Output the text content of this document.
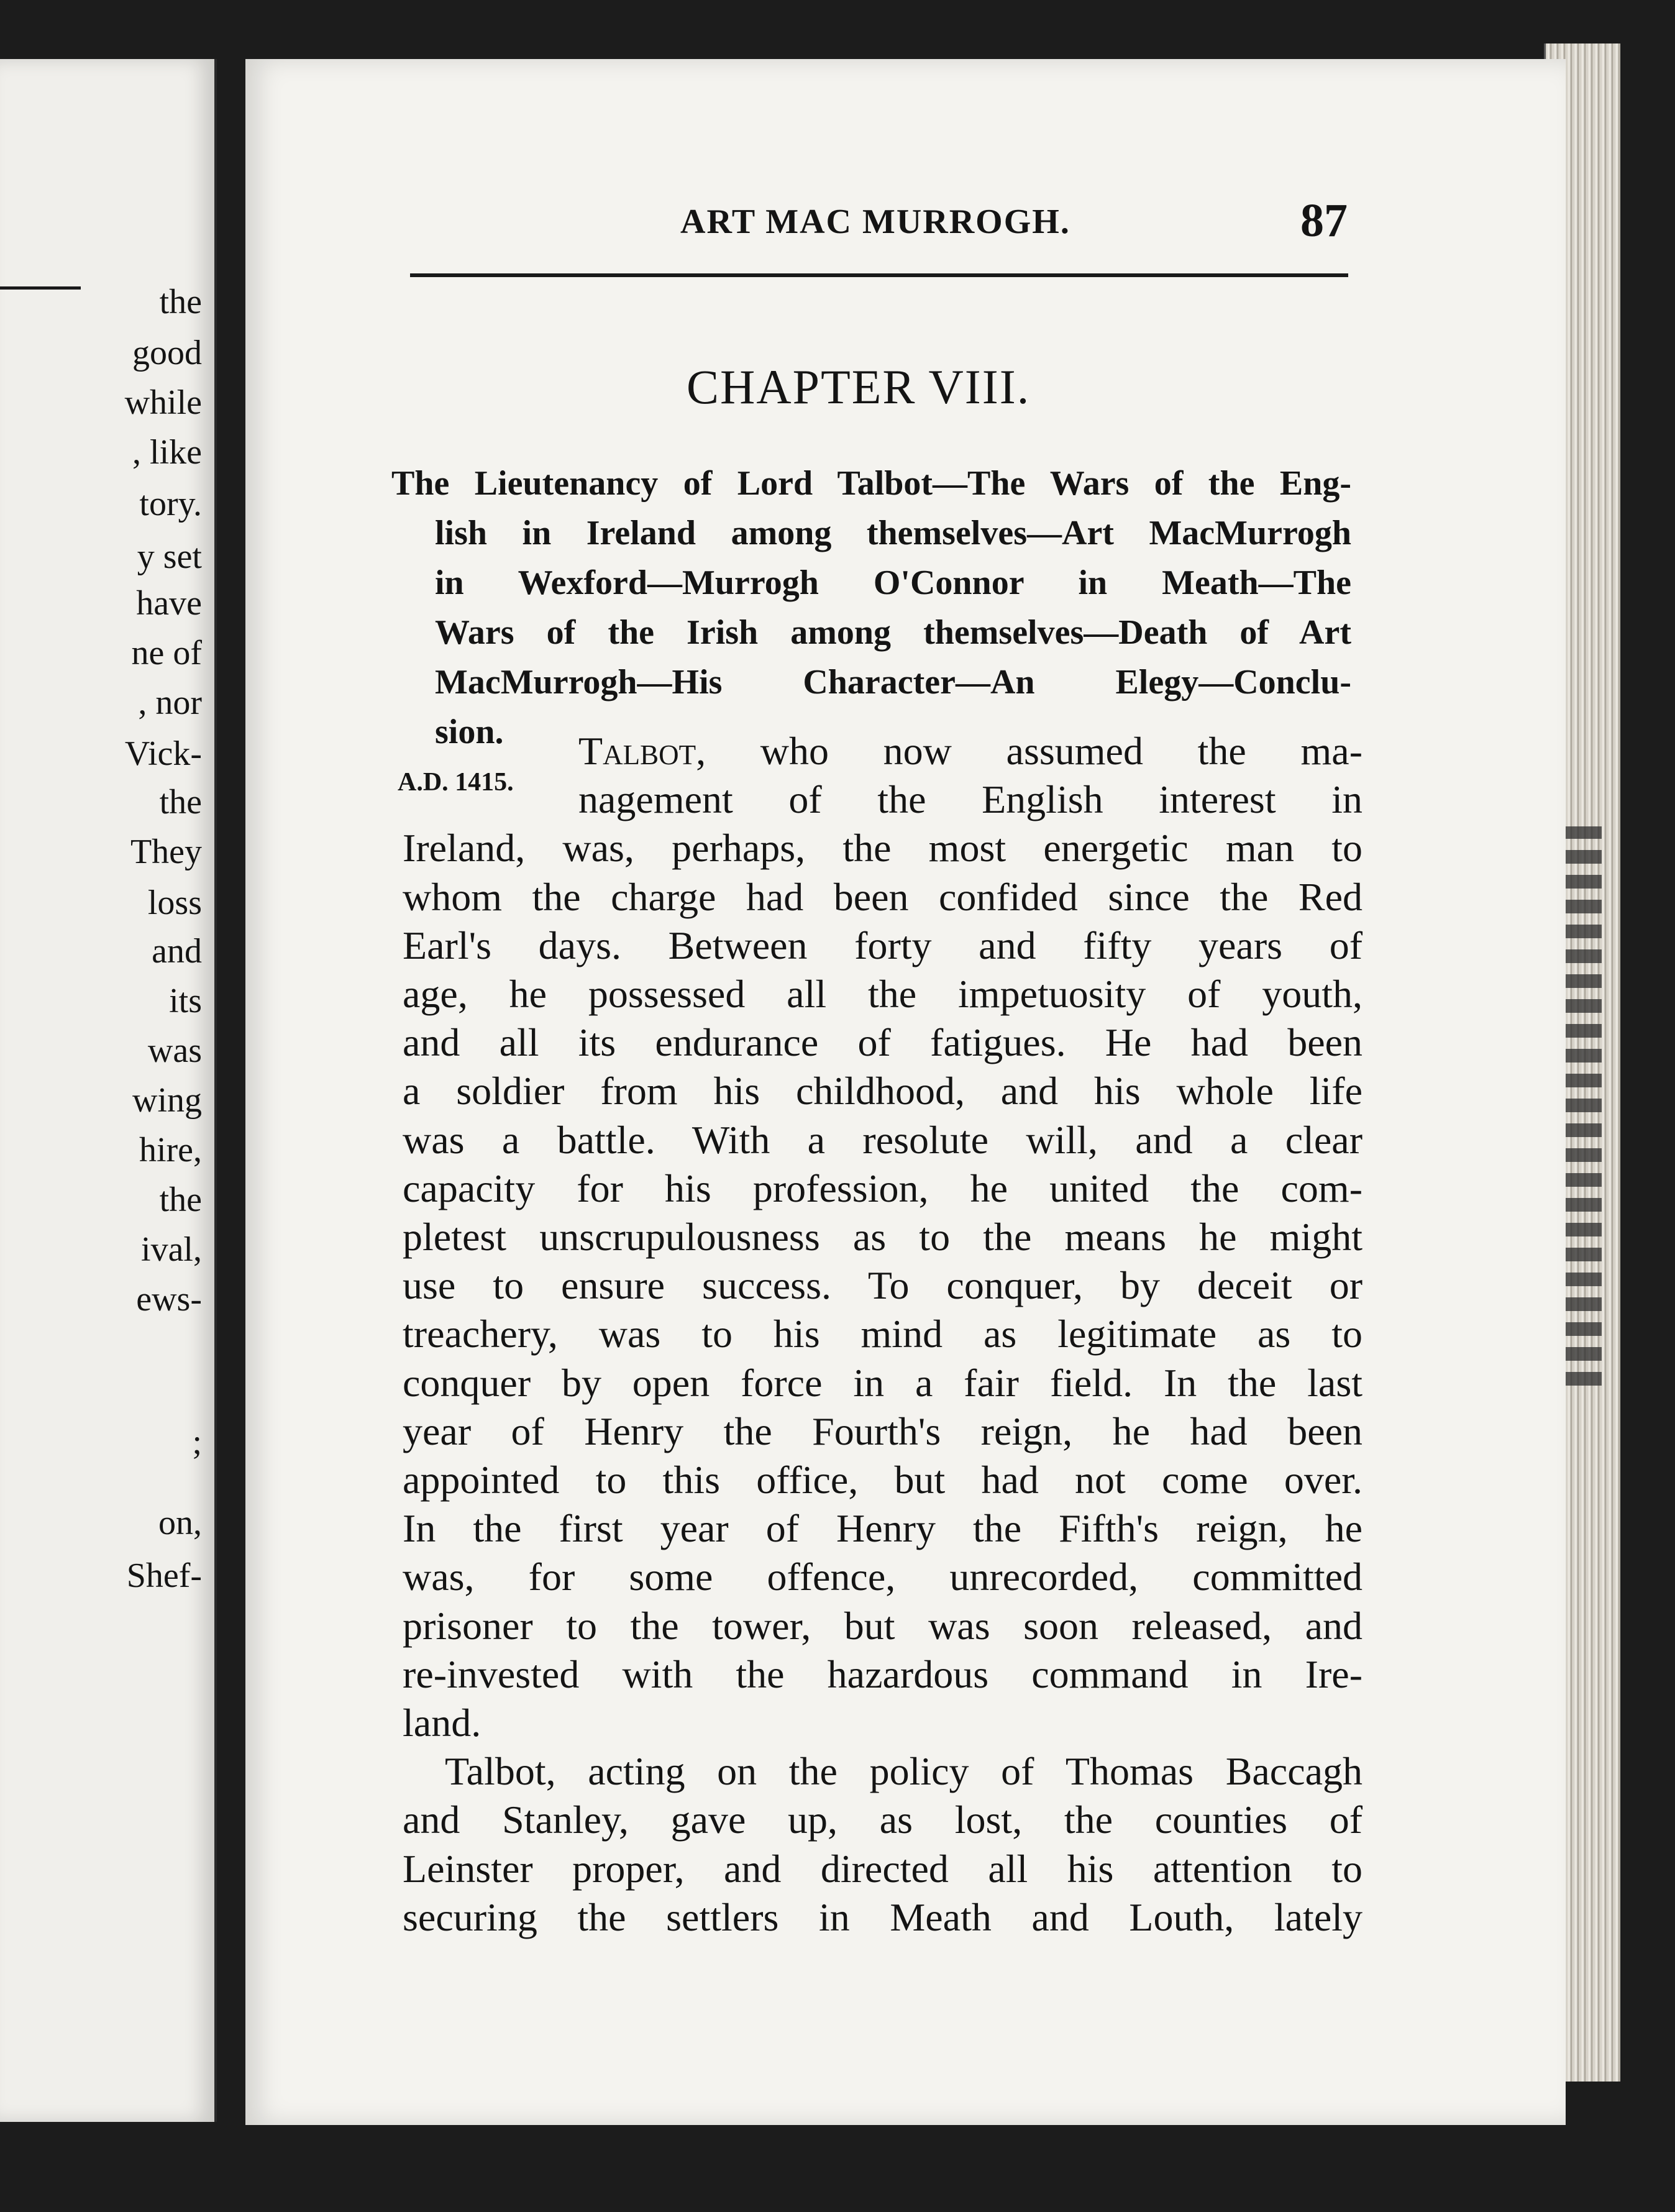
the
good
while
, like
tory.
y set
have
ne of
, nor
Vick-
the
They
loss
and
its
was
wing
hire,
the
ival,
ews-
;
on,
Shef-
ART MAC MURROGH.	87
CHAPTER VIII.
The Lieutenancy of Lord Talbot—The Wars of the Eng-
lish in Ireland among themselves—Art MacMurrogh
in Wexford—Murrogh O'Connor in Meath—The
Wars of the Irish among themselves—Death of Art
MacMurrogh—His Character—An Elegy—Conclu-
sion.
A.D. 1415.
Talbot, who now assumed the ma-
nagement of the English interest in
Ireland, was, perhaps, the most energetic man to
whom the charge had been confided since the Red
Earl's days. Between forty and fifty years of
age, he possessed all the impetuosity of youth,
and all its endurance of fatigues. He had been
a soldier from his childhood, and his whole life
was a battle. With a resolute will, and a clear
capacity for his profession, he united the com-
pletest unscrupulousness as to the means he might
use to ensure success. To conquer, by deceit or
treachery, was to his mind as legitimate as to
conquer by open force in a fair field. In the last
year of Henry the Fourth's reign, he had been
appointed to this office, but had not come over.
In the first year of Henry the Fifth's reign, he
was, for some offence, unrecorded, committed
prisoner to the tower, but was soon released, and
re-invested with the hazardous command in Ire-
land.
Talbot, acting on the policy of Thomas Baccagh
and Stanley, gave up, as lost, the counties of
Leinster proper, and directed all his attention to
securing the settlers in Meath and Louth, lately
